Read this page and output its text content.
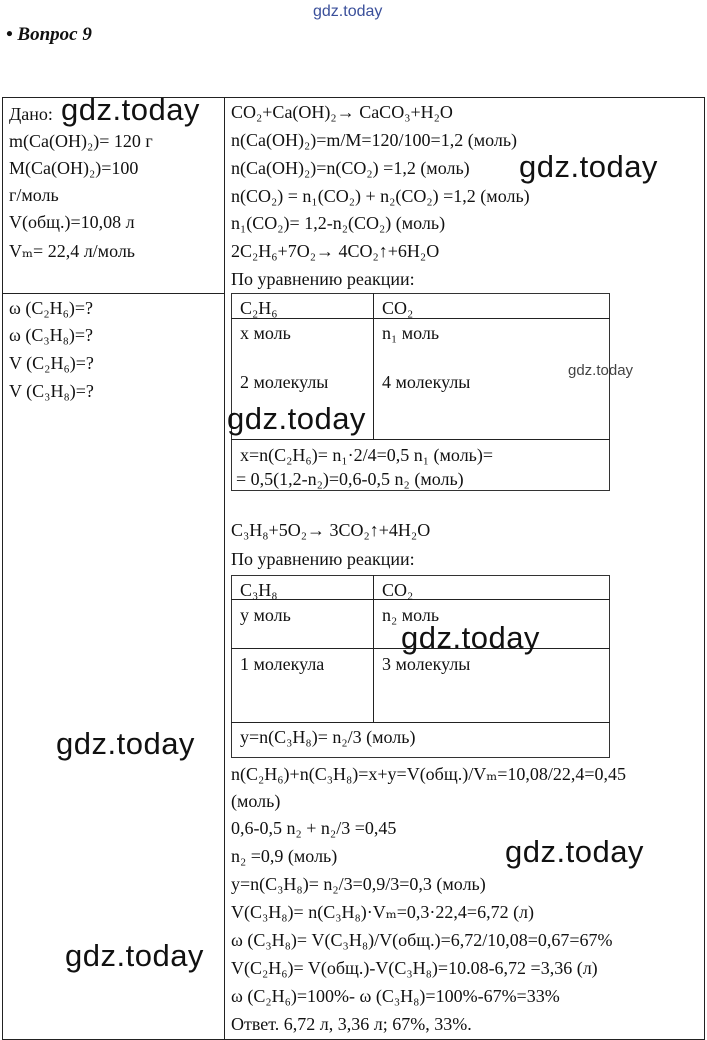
gdz.today
• Вопрос 9
Дано: gdz.today
m(Ca(OH)₂)= 120 г
M(Ca(OH)₂)=100
г/моль
V(общ.)=10,08 л
Vₘ= 22,4 л/моль
ω (C₂H₆)=?
ω (C₃H₈)=?
V (C₂H₆)=?
V (C₃H₈)=?
CO₂+Ca(OH)₂→ CaCO₃+H₂O
n(Ca(OH)₂)=m/M=120/100=1,2 (моль)
n(Ca(OH)₂)=n(CO₂) =1,2 (моль)
n(CO₂) = n₁(CO₂) + n₂(CO₂) =1,2 (моль)
n₁(CO₂)= 1,2-n₂(CO₂) (моль)
2C₂H₆+7O₂→ 4CO₂↑+6H₂O
По уравнению реакции:
C₂H₆	CO₂
x моль	n₁ моль
2 молекулы	4 молекулы
x=n(C₂H₆)= n₁·2/4=0,5 n₁ (моль)=
= 0,5(1,2-n₂)=0,6-0,5 n₂ (моль)
C₃H₈+5O₂→ 3CO₂↑+4H₂O
По уравнению реакции:
C₃H₈	CO₂
y моль	n₂ моль
1 молекула	3 молекулы
y=n(C₃H₈)= n₂/3 (моль)
n(C₂H₆)+n(C₃H₈)=x+y=V(общ.)/Vₘ=10,08/22,4=0,45
(моль)
0,6-0,5 n₂ + n₂/3 =0,45
n₂ =0,9 (моль)
y=n(C₃H₈)= n₂/3=0,9/3=0,3 (моль)
V(C₃H₈)= n(C₃H₈)·Vₘ=0,3·22,4=6,72 (л)
ω (C₃H₈)= V(C₃H₈)/V(общ.)=6,72/10,08=0,67=67%
V(C₂H₆)= V(общ.)-V(C₃H₈)=10.08-6,72 =3,36 (л)
ω (C₂H₆)=100%- ω (C₃H₈)=100%-67%=33%
Ответ. 6,72 л, 3,36 л; 67%, 33%.
gdz.today
gdz.today
gdz.today
gdz.today
gdz.today
gdz.today
gdz.today
